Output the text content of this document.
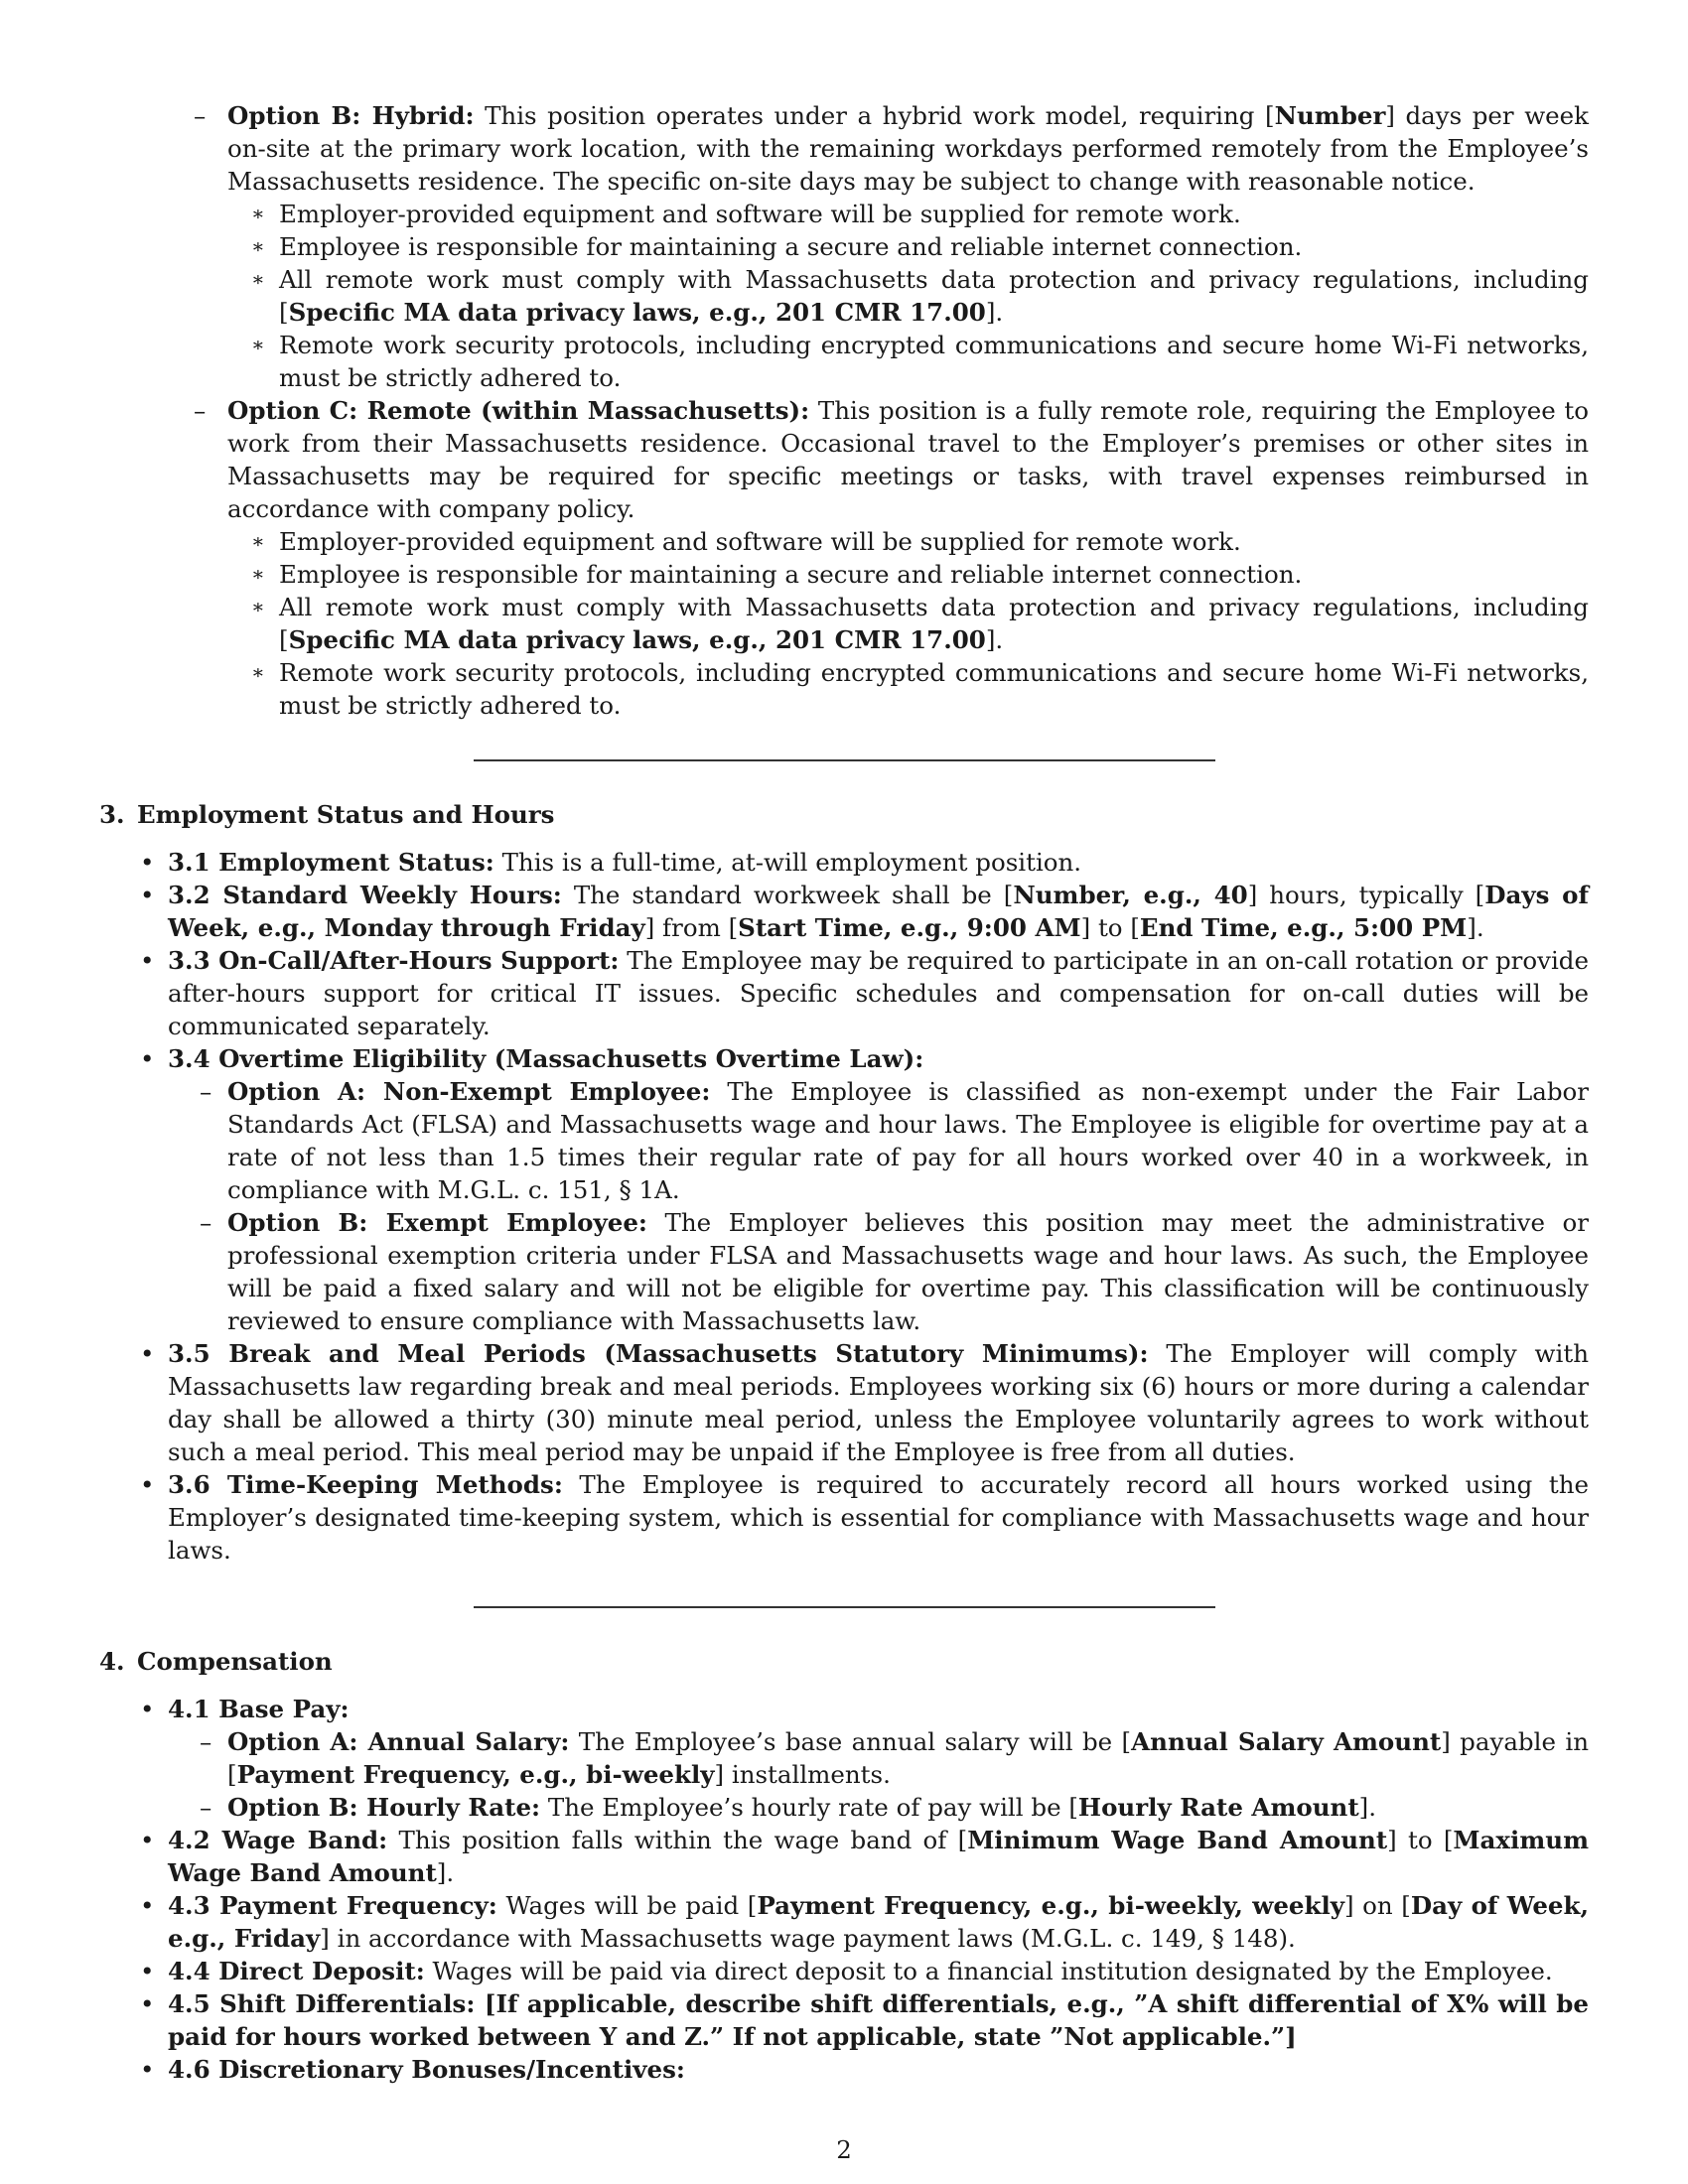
– Option B: Hybrid: This position operates under a hybrid work model, requiring [Number] days per week on-site at the primary work location, with the remaining workdays performed remotely from the Employee’s Massachusetts residence. The specific on-site days may be subject to change with reasonable notice.
∗ Employer-provided equipment and software will be supplied for remote work.
∗ Employee is responsible for maintaining a secure and reliable internet connection.
∗ All remote work must comply with Massachusetts data protection and privacy regulations, including [Specific MA data privacy laws, e.g., 201 CMR 17.00].
∗ Remote work security protocols, including encrypted communications and secure home Wi-Fi networks, must be strictly adhered to.
– Option C: Remote (within Massachusetts): This position is a fully remote role, requiring the Employee to work from their Massachusetts residence. Occasional travel to the Employer’s premises or other sites in Massachusetts may be required for specific meetings or tasks, with travel expenses reimbursed in accordance with company policy.
∗ Employer-provided equipment and software will be supplied for remote work.
∗ Employee is responsible for maintaining a secure and reliable internet connection.
∗ All remote work must comply with Massachusetts data protection and privacy regulations, including [Specific MA data privacy laws, e.g., 201 CMR 17.00].
∗ Remote work security protocols, including encrypted communications and secure home Wi-Fi networks, must be strictly adhered to.
3. Employment Status and Hours
• 3.1 Employment Status: This is a full-time, at-will employment position.
• 3.2 Standard Weekly Hours: The standard workweek shall be [Number, e.g., 40] hours, typically [Days of Week, e.g., Monday through Friday] from [Start Time, e.g., 9:00 AM] to [End Time, e.g., 5:00 PM].
• 3.3 On-Call/After-Hours Support: The Employee may be required to participate in an on-call rotation or provide after-hours support for critical IT issues. Specific schedules and compensation for on-call duties will be communicated separately.
• 3.4 Overtime Eligibility (Massachusetts Overtime Law):
– Option A: Non-Exempt Employee: The Employee is classified as non-exempt under the Fair Labor Standards Act (FLSA) and Massachusetts wage and hour laws. The Employee is eligible for overtime pay at a rate of not less than 1.5 times their regular rate of pay for all hours worked over 40 in a workweek, in compliance with M.G.L. c. 151, § 1A.
– Option B: Exempt Employee: The Employer believes this position may meet the administrative or professional exemption criteria under FLSA and Massachusetts wage and hour laws. As such, the Employee will be paid a fixed salary and will not be eligible for overtime pay. This classification will be continuously reviewed to ensure compliance with Massachusetts law.
• 3.5 Break and Meal Periods (Massachusetts Statutory Minimums): The Employer will comply with Massachusetts law regarding break and meal periods. Employees working six (6) hours or more during a calendar day shall be allowed a thirty (30) minute meal period, unless the Employee voluntarily agrees to work without such a meal period. This meal period may be unpaid if the Employee is free from all duties.
• 3.6 Time-Keeping Methods: The Employee is required to accurately record all hours worked using the Employer’s designated time-keeping system, which is essential for compliance with Massachusetts wage and hour laws.
4. Compensation
• 4.1 Base Pay:
– Option A: Annual Salary: The Employee’s base annual salary will be [Annual Salary Amount] payable in [Payment Frequency, e.g., bi-weekly] installments.
– Option B: Hourly Rate: The Employee’s hourly rate of pay will be [Hourly Rate Amount].
• 4.2 Wage Band: This position falls within the wage band of [Minimum Wage Band Amount] to [Maximum Wage Band Amount].
• 4.3 Payment Frequency: Wages will be paid [Payment Frequency, e.g., bi-weekly, weekly] on [Day of Week, e.g., Friday] in accordance with Massachusetts wage payment laws (M.G.L. c. 149, § 148).
• 4.4 Direct Deposit: Wages will be paid via direct deposit to a financial institution designated by the Employee.
• 4.5 Shift Differentials: [If applicable, describe shift differentials, e.g., ”A shift differential of X% will be paid for hours worked between Y and Z.” If not applicable, state ”Not applicable.”]
• 4.6 Discretionary Bonuses/Incentives:
2
